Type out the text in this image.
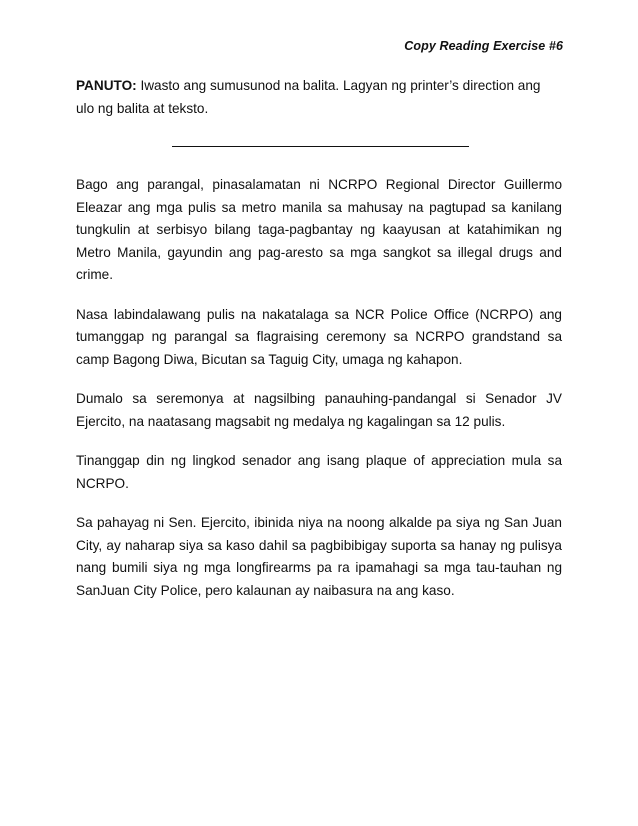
Copy Reading Exercise #6

PANUTO: Iwasto ang sumusunod na balita. Lagyan ng printer’s direction ang ulo ng balita at teksto.

Bago ang parangal, pinasalamatan ni NCRPO Regional Director Guillermo Eleazar ang mga pulis sa metro manila sa mahusay na pagtupad sa kanilang tungkulin at serbisyo bilang taga-pagbantay ng kaayusan at katahimikan ng Metro Manila, gayundin ang pag-aresto sa mga sangkot sa illegal drugs and crime.

Nasa labindalawang pulis na nakatalaga sa NCR Police Office (NCRPO) ang tumanggap ng parangal sa flagraising ceremony sa NCRPO grandstand sa camp Bagong Diwa, Bicutan sa Taguig City, umaga ng kahapon.

Dumalo sa seremonya at nagsilbing panauhing-pandangal si Senador JV Ejercito, na naatasang magsabit ng medalya ng kagalingan sa 12 pulis.

Tinanggap din ng lingkod senador ang isang plaque of appreciation mula sa NCRPO.

Sa pahayag ni Sen. Ejercito, ibinida niya na noong alkalde pa siya ng San Juan City, ay naharap siya sa kaso dahil sa pagbibibigay suporta sa hanay ng pulisya nang bumili siya ng mga longfirearms pa ra ipamahagi sa mga tau-tauhan ng SanJuan City Police, pero kalaunan ay naibasura na ang kaso.
